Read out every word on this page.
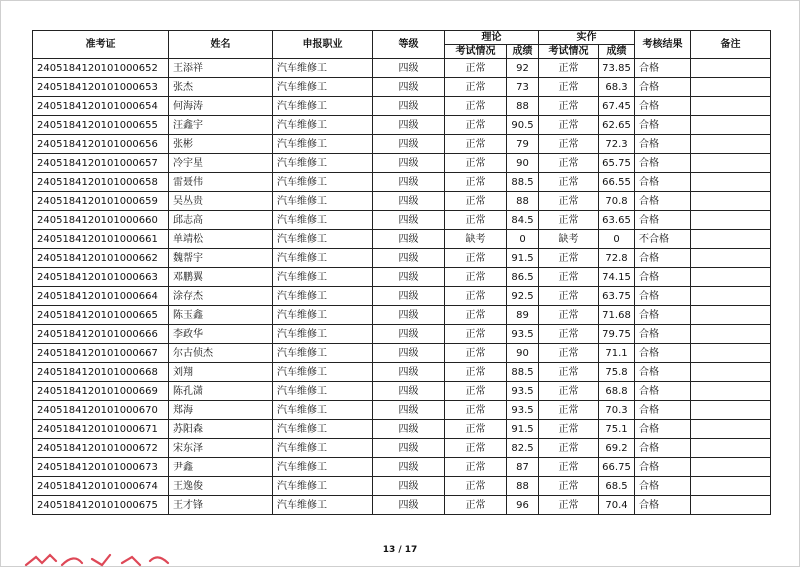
准考证	姓名	申报职业	等级	理论		实作		考核结果	备注
				考试情况	成绩	考试情况	成绩		
240518412010100065​2	王添祥	汽车维修工	四级	正常	92	正常	73.85	合格	
2405184120101000653	张杰	汽车维修工	四级	正常	73	正常	68.3	合格	
2405184120101000654	何海涛	汽车维修工	四级	正常	88	正常	67.45	合格	
2405184120101000655	汪鑫宇	汽车维修工	四级	正常	90.5	正常	62.65	合格	
2405184120101000656	张彬	汽车维修工	四级	正常	79	正常	72.3	合格	
2405184120101000657	冷宇星	汽车维修工	四级	正常	90	正常	65.75	合格	
2405184120101000658	雷聂伟	汽车维修工	四级	正常	88.5	正常	66.55	合格	
2405184120101000659	吴丛贵	汽车维修工	四级	正常	88	正常	70.8	合格	
2405184120101000660	邱志高	汽车维修工	四级	正常	84.5	正常	63.65	合格	
2405184120101000661	单靖松	汽车维修工	四级	缺考	0	缺考	0	不合格	
2405184120101000662	魏帮宇	汽车维修工	四级	正常	91.5	正常	72.8	合格	
2405184120101000663	邓鹏翼	汽车维修工	四级	正常	86.5	正常	74.15	合格	
2405184120101000664	涂存杰	汽车维修工	四级	正常	92.5	正常	63.75	合格	
2405184120101000665	陈玉鑫	汽车维修工	四级	正常	89	正常	71.68	合格	
2405184120101000666	李政华	汽车维修工	四级	正常	93.5	正常	79.75	合格	
2405184120101000667	尔古侦杰	汽车维修工	四级	正常	90	正常	71.1	合格	
2405184120101000668	刘翔	汽车维修工	四级	正常	88.5	正常	75.8	合格	
2405184120101000669	陈孔潇	汽车维修工	四级	正常	93.5	正常	68.8	合格	
2405184120101000670	郑海	汽车维修工	四级	正常	93.5	正常	70.3	合格	
2405184120101000671	苏阳森	汽车维修工	四级	正常	91.5	正常	75.1	合格	
2405184120101000672	宋东泽	汽车维修工	四级	正常	82.5	正常	69.2	合格	
2405184120101000673	尹鑫	汽车维修工	四级	正常	87	正常	66.75	合格	
2405184120101000674	王逸俊	汽车维修工	四级	正常	88	正常	68.5	合格	
2405184120101000675	王才锋	汽车维修工	四级	正常	96	正常	70.4	合格	
13 / 17
